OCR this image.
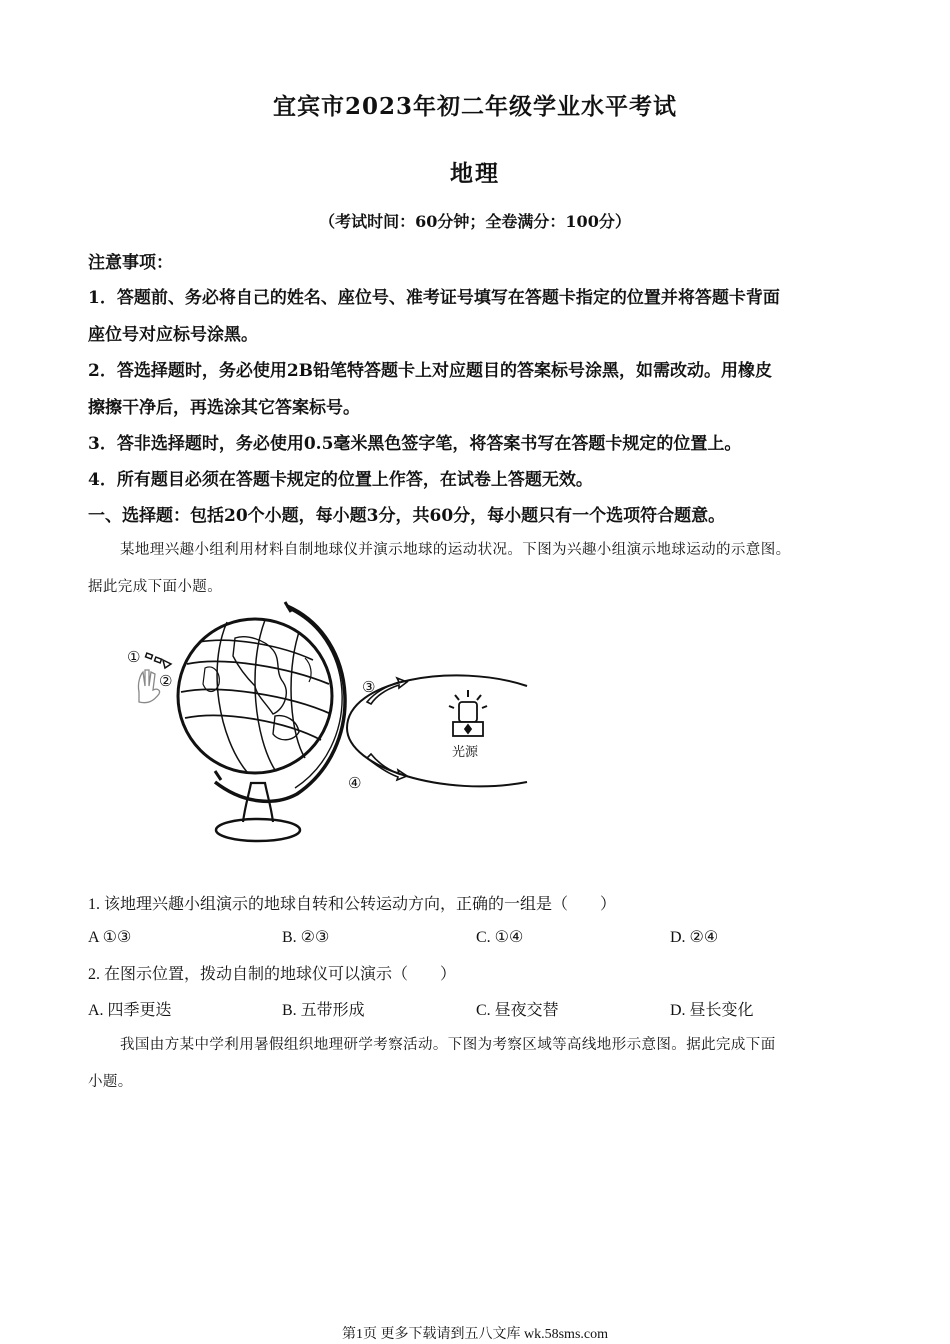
宜宾市2023年初二年级学业水平考试
地理
（考试时间：60分钟；全卷满分：100分）
注意事项：
1．答题前、务必将自己的姓名、座位号、准考证号填写在答题卡指定的位置并将答题卡背面
座位号对应标号涂黑。
2．答选择题时，务必使用2B铅笔特答题卡上对应题目的答案标号涂黑，如需改动。用橡皮
擦擦干净后，再选涂其它答案标号。
3．答非选择题时，务必使用0.5毫米黑色签字笔，将答案书写在答题卡规定的位置上。
4．所有题目必须在答题卡规定的位置上作答，在试卷上答题无效。
一、选择题：包括20个小题，每小题3分，共60分，每小题只有一个选项符合题意。
某地理兴趣小组利用材料自制地球仪并演示地球的运动状况。下图为兴趣小组演示地球运动的示意图。
据此完成下面小题。
①
②	③
④
光源
1. 该地理兴趣小组演示的地球自转和公转运动方向，正确的一组是（　　）
A ①③	B. ②③	C. ①④	D. ②④
2. 在图示位置，拨动自制的地球仪可以演示（　　）
A. 四季更迭	B. 五带形成	C. 昼夜交替	D. 昼长变化
我国由方某中学利用暑假组织地理研学考察活动。下图为考察区域等高线地形示意图。据此完成下面
小题。
第1页 更多下载请到五八文库 wk.58sms.com
